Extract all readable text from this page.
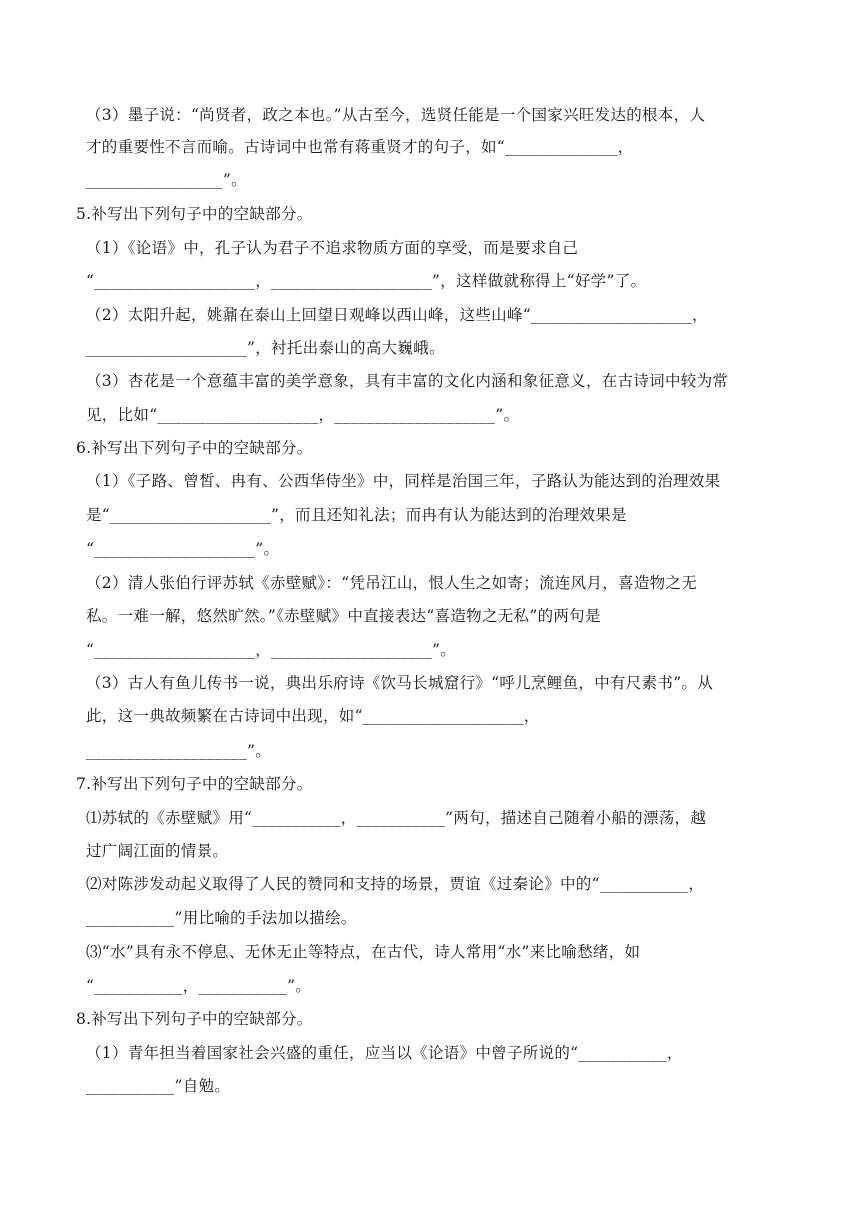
（3）墨子说：“尚贤者，政之本也。”从古至今，选贤任能是一个国家兴旺发达的根本，人
才的重要性不言而喻。古诗词中也常有蒋重贤才的句子，如“______________，
_________________”。
5.补写出下列句子中的空缺部分。
（1）《论语》中，孔子认为君子不追求物质方面的享受，而是要求自己
“____________________，____________________”，这样做就称得上“好学”了。
（2）太阳升起，姚鼐在泰山上回望日观峰以西山峰，这些山峰“____________________，
____________________”，衬托出泰山的高大巍峨。
（3）杏花是一个意蕴丰富的美学意象，具有丰富的文化内涵和象征意义，在古诗词中较为常
见，比如“____________________，____________________”。
6.补写出下列句子中的空缺部分。
（1）《子路、曾皙、冉有、公西华侍坐》中，同样是治国三年，子路认为能达到的治理效果
是“____________________”，而且还知礼法；而冉有认为能达到的治理效果是
“____________________”。
（2）清人张伯行评苏轼《赤壁赋》：“凭吊江山，恨人生之如寄；流连风月，喜造物之无
私。一难一解，悠然旷然。”《赤壁赋》中直接表达“喜造物之无私”的两句是
“____________________，____________________”。
（3）古人有鱼儿传书一说，典出乐府诗《饮马长城窟行》“呼儿烹鲤鱼，中有尺素书”。从
此，这一典故频繁在古诗词中出现，如“____________________，
____________________”。
7.补写出下列句子中的空缺部分。
⑴苏轼的《赤壁赋》用“___________，___________”两句，描述自己随着小船的漂荡，越
过广阔江面的情景。
⑵对陈涉发动起义取得了人民的赞同和支持的场景，贾谊《过秦论》中的“___________，
___________”用比喻的手法加以描绘。
⑶“水”具有永不停息、无休无止等特点，在古代，诗人常用“水”来比喻愁绪，如
“___________，___________”。
8.补写出下列句子中的空缺部分。
（1）青年担当着国家社会兴盛的重任，应当以《论语》中曾子所说的“___________，
___________”自勉。
